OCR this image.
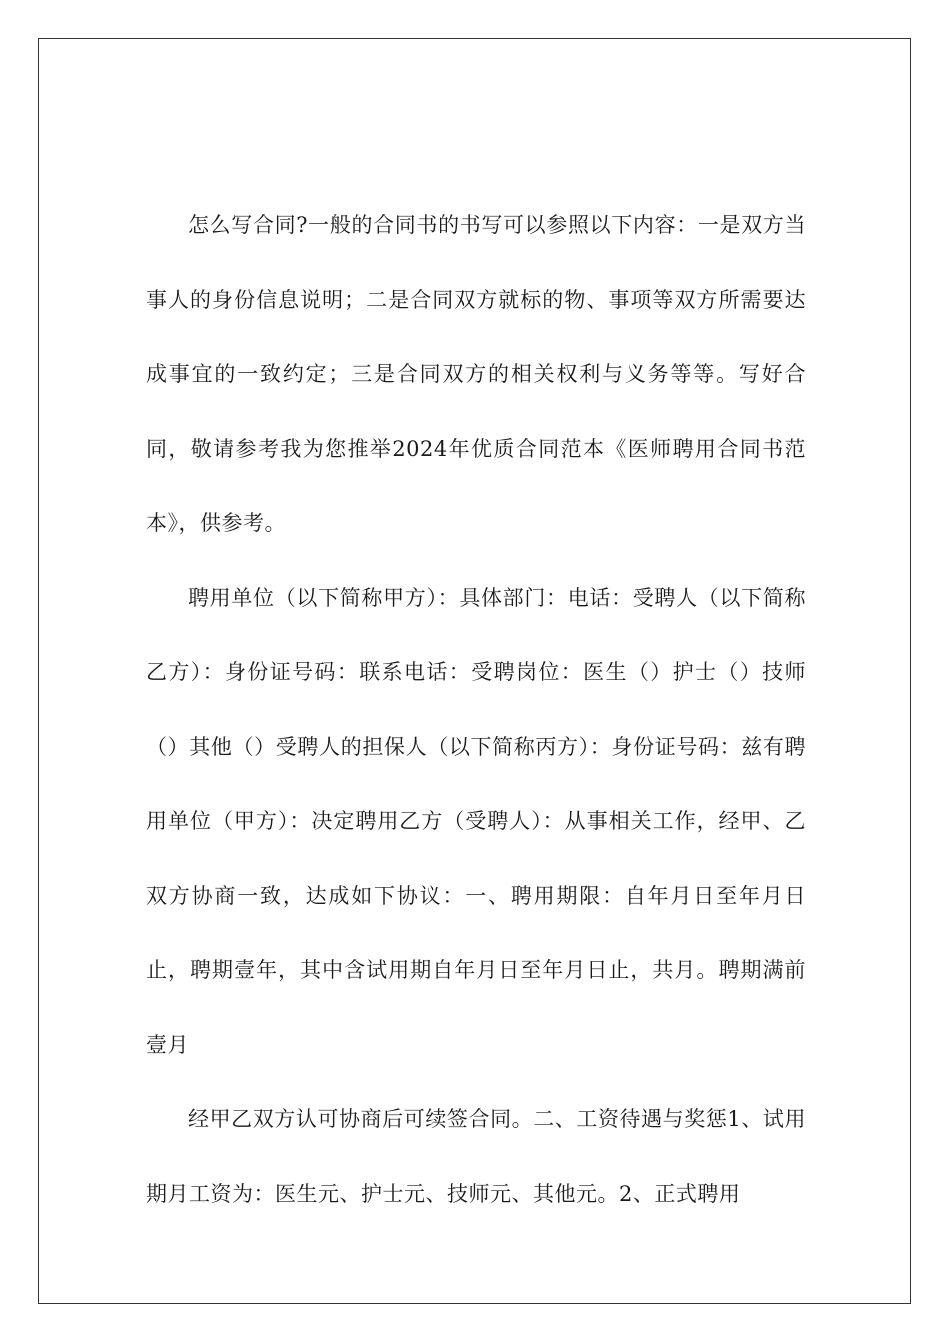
怎么写合同?一般的合同书的书写可以参照以下内容：一是双方当事人的身份信息说明；二是合同双方就标的物、事项等双方所需要达成事宜的一致约定；三是合同双方的相关权利与义务等等。写好合同，敬请参考我为您推举2024年优质合同范本《医师聘用合同书范本》，供参考。

聘用单位（以下简称甲方）：具体部门：电话：受聘人（以下简称乙方）：身份证号码：联系电话：受聘岗位：医生（）护士（）技师（）其他（）受聘人的担保人（以下简称丙方）：身份证号码：兹有聘用单位（甲方）：决定聘用乙方（受聘人）：从事相关工作，经甲、乙双方协商一致，达成如下协议：一、聘用期限：自年月日至年月日止，聘期壹年，其中含试用期自年月日至年月日止，共月。聘期满前壹月

经甲乙双方认可协商后可续签合同。二、工资待遇与奖惩1、试用期月工资为：医生元、护士元、技师元、其他元。2、正式聘用
